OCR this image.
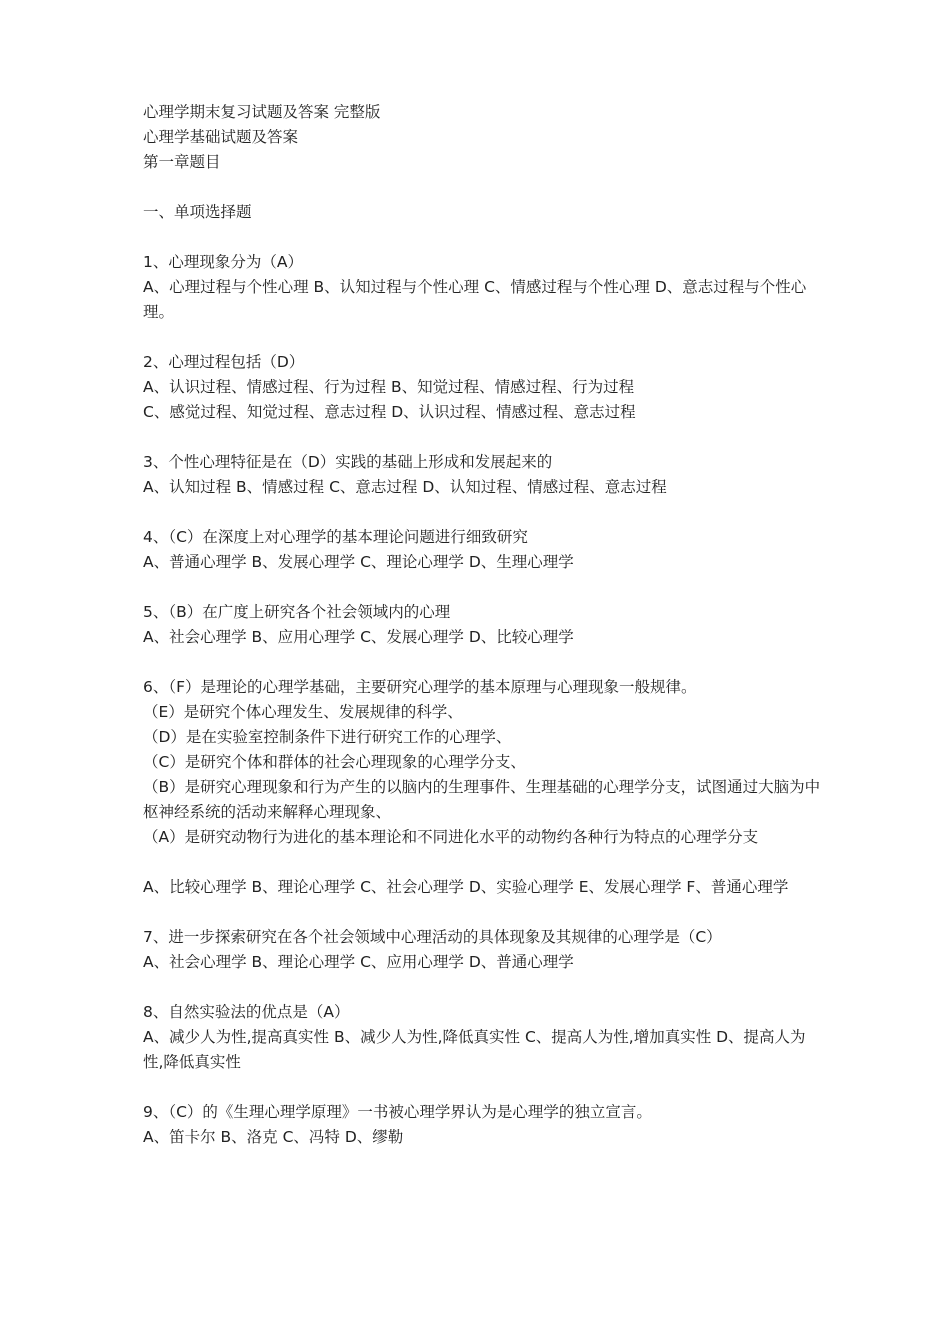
心理学期末复习试题及答案 完整版
心理学基础试题及答案
第一章题目
一、单项选择题
1、心理现象分为（A）
A、心理过程与个性心理 B、认知过程与个性心理 C、情感过程与个性心理 D、意志过程与个性心理。
2、心理过程包括（D）
A、认识过程、情感过程、行为过程 B、知觉过程、情感过程、行为过程
C、感觉过程、知觉过程、意志过程 D、认识过程、情感过程、意志过程
3、个性心理特征是在（D）实践的基础上形成和发展起来的
A、认知过程 B、情感过程 C、意志过程 D、认知过程、情感过程、意志过程
4、（C）在深度上对心理学的基本理论问题进行细致研究
A、普通心理学 B、发展心理学 C、理论心理学 D、生理心理学
5、（B）在广度上研究各个社会领域内的心理
A、社会心理学 B、应用心理学 C、发展心理学 D、比较心理学
6、（F）是理论的心理学基础，主要研究心理学的基本原理与心理现象一般规律。
（E）是研究个体心理发生、发展规律的科学、
（D）是在实验室控制条件下进行研究工作的心理学、
（C）是研究个体和群体的社会心理现象的心理学分支、
（B）是研究心理现象和行为产生的以脑内的生理事件、生理基础的心理学分支，试图通过大脑为中枢神经系统的活动来解释心理现象、
（A）是研究动物行为进化的基本理论和不同进化水平的动物约各种行为特点的心理学分支
A、比较心理学 B、理论心理学 C、社会心理学 D、实验心理学 E、发展心理学 F、普通心理学
7、进一步探索研究在各个社会领域中心理活动的具体现象及其规律的心理学是（C）
A、社会心理学 B、理论心理学 C、应用心理学 D、普通心理学
8、自然实验法的优点是（A）
A、减少人为性,提高真实性 B、减少人为性,降低真实性 C、提高人为性,增加真实性 D、提高人为性,降低真实性
9、（C）的《生理心理学原理》一书被心理学界认为是心理学的独立宣言。
A、笛卡尔 B、洛克 C、冯特 D、缪勒
